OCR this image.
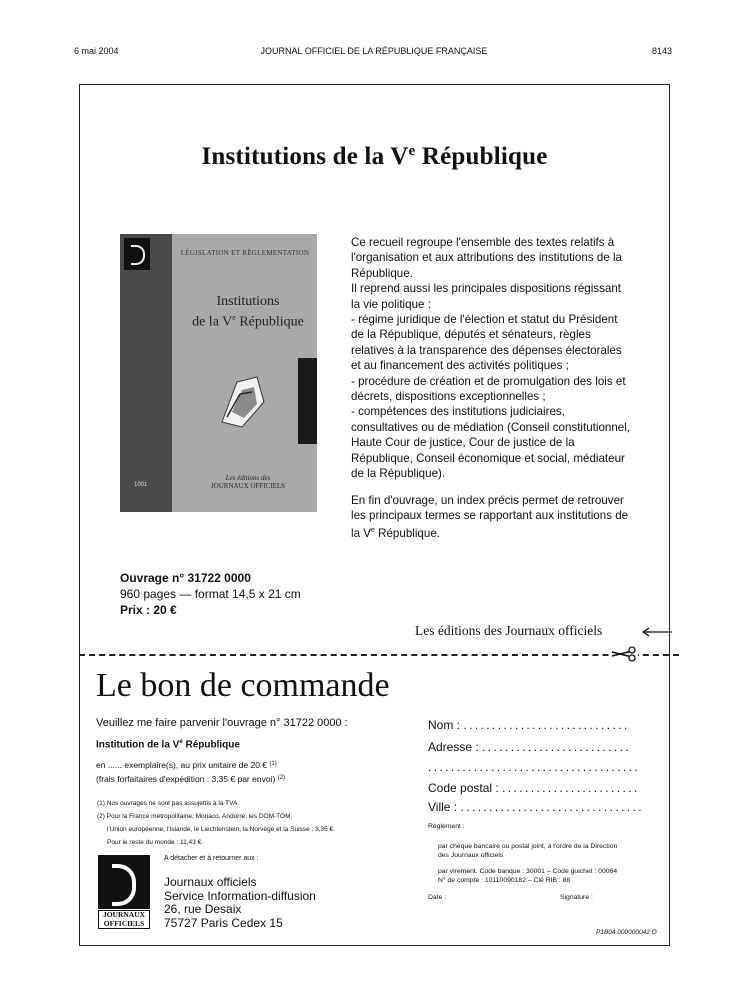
6 mai 2004	JOURNAL OFFICIEL DE LA RÉPUBLIQUE FRANÇAISE	8143
Institutions de la Ve République
1001
LÉGISLATION ET RÉGLEMENTATION
Institutions
de la Ve République
Les éditions des
JOURNAUX OFFICIELS

Ce recueil regroupe l'ensemble des textes relatifs à l'organisation et aux attributions des institutions de la République.

Il reprend aussi les principales dispositions régissant la vie politique :
- régime juridique de l'élection et statut du Président de la République, députés et sénateurs, règles relatives à la transparence des dépenses électorales et au financement des activités politiques ;
- procédure de création et de promulgation des lois et décrets, dispositions exceptionnelles ;
- compétences des institutions judiciaires, consultatives ou de médiation (Conseil constitutionnel, Haute Cour de justice, Cour de justice de la République, Conseil économique et social, médiateur de la République).

En fin d'ouvrage, un index précis permet de retrouver les principaux termes se rapportant aux institutions de la Ve République.

Ouvrage n° 31722 0000
960 pages — format 14,5 x 21 cm
Prix : 20 €
Les éditions des Journaux officiels
Le bon de commande
Veuillez me faire parvenir l'ouvrage n° 31722 0000 :
Institution de la Ve République
en ...... exemplaire(s), au prix unitaire de 20 € $^{(1)}$
(frais forfaitaires d'expédition : 3,35 € par envoi) $^{(2)}$
(1) Nos ouvrages ne sont pas assujettis à la TVA.
(2) Pour la France métropolitaine, Monaco, Andorre, les DOM-TOM,
l'Union européenne, l'Islande, le Liechtenstein, la Norvège et la Suisse : 3,35 €.
Pour le reste du monde : 11,43 €.
JOURNAUX
OFFICIELS
A détacher et à retourner aux :
Journaux officiels
Service Information-diffusion
26, rue Desaix
75727 Paris Cedex 15
Nom : .............................
Adresse : ..........................
.....................................
Code postal : ........................
Ville : ................................
Règlement :
par chèque bancaire ou postal joint, à l'ordre de la Direction
des Journaux officiels
par virement. Code banque : 30001 – Code guichet : 00064
N° de compte : 10110090182 – Clé RIB : 88
Date :	Signature :
P1B04 000000042 O
